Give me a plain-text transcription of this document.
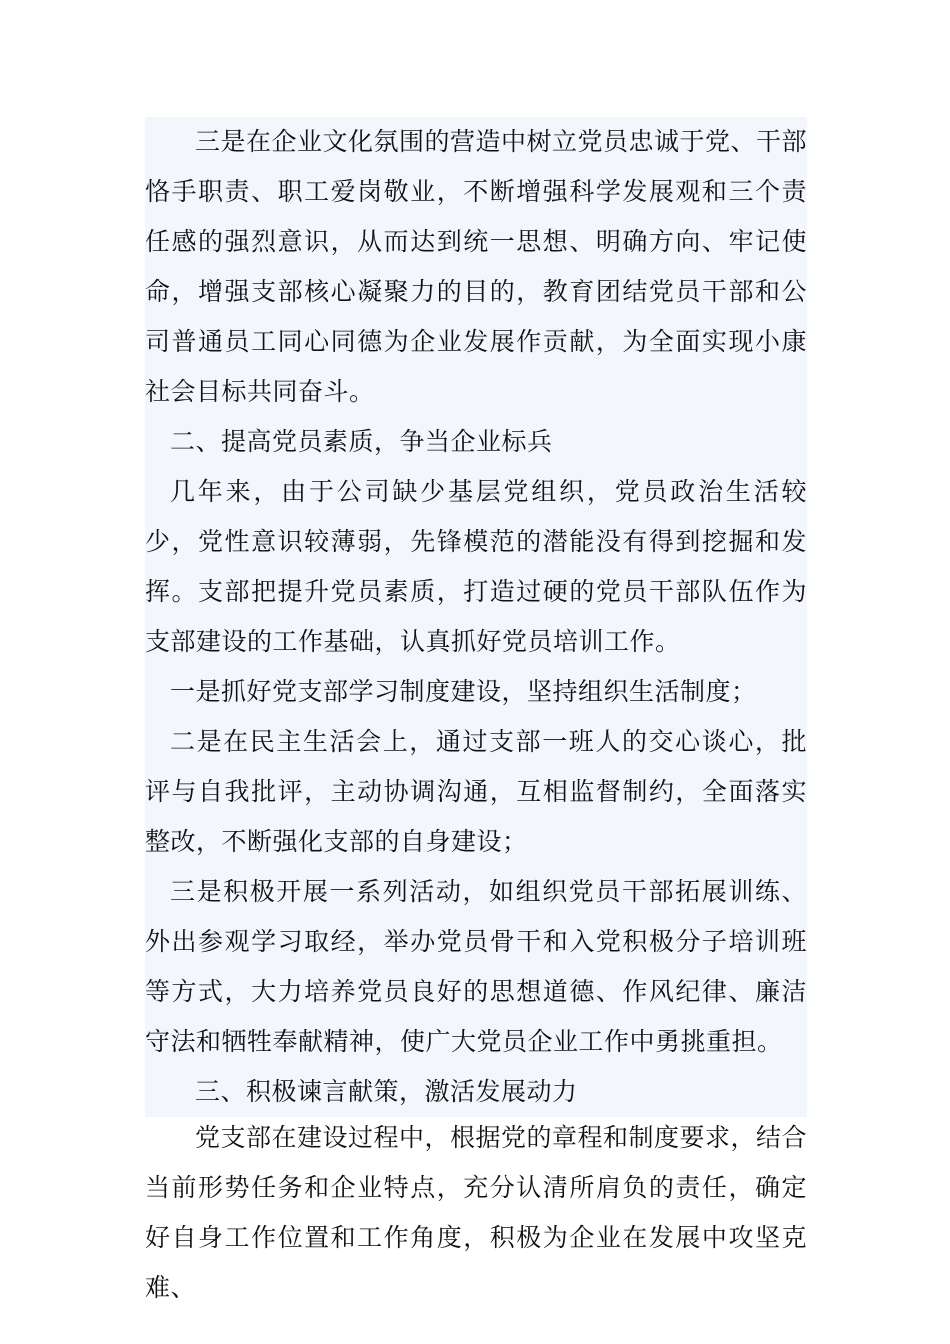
三是在企业文化氛围的营造中树立党员忠诚于党、干部恪手职责、职工爱岗敬业，不断增强科学发展观和三个责任感的强烈意识，从而达到统一思想、明确方向、牢记使命，增强支部核心凝聚力的目的，教育团结党员干部和公司普通员工同心同德为企业发展作贡献，为全面实现小康社会目标共同奋斗。

二、提高党员素质，争当企业标兵

几年来，由于公司缺少基层党组织，党员政治生活较少，党性意识较薄弱，先锋模范的潜能没有得到挖掘和发挥。支部把提升党员素质，打造过硬的党员干部队伍作为支部建设的工作基础，认真抓好党员培训工作。

一是抓好党支部学习制度建设，坚持组织生活制度；

二是在民主生活会上，通过支部一班人的交心谈心，批评与自我批评，主动协调沟通，互相监督制约，全面落实整改，不断强化支部的自身建设；

三是积极开展一系列活动，如组织党员干部拓展训练、外出参观学习取经，举办党员骨干和入党积极分子培训班等方式，大力培养党员良好的思想道德、作风纪律、廉洁守法和牺牲奉献精神，使广大党员企业工作中勇挑重担。

三、积极谏言献策，激活发展动力

党支部在建设过程中，根据党的章程和制度要求，结合当前形势任务和企业特点，充分认清所肩负的责任，确定好自身工作位置和工作角度，积极为企业在发展中攻坚克难、
